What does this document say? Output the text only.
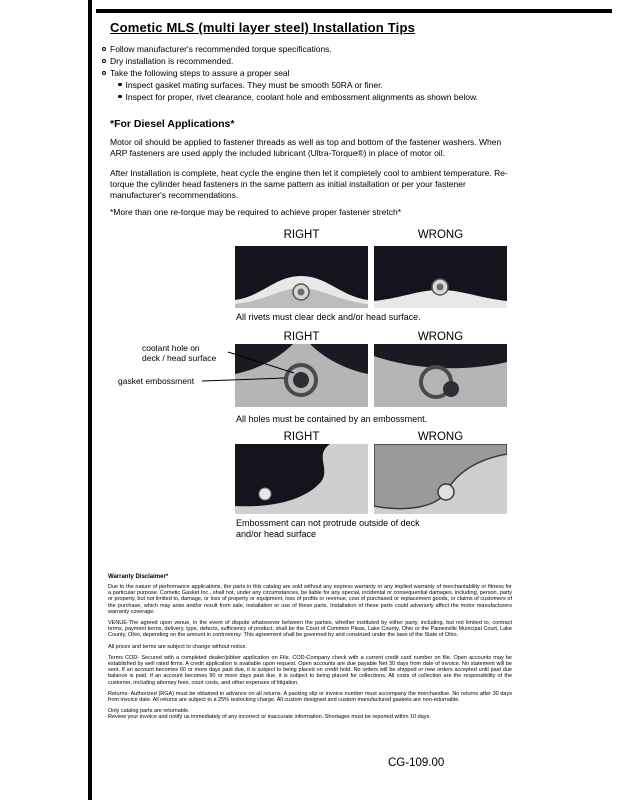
Cometic MLS (multi layer steel) Installation Tips
Follow manufacturer's recommended torque specifications.
Dry installation is recommended.
Take the following steps to assure a proper seal
Inspect gasket mating surfaces. They must be smooth 50RA or finer.
Inspect for proper, rivet clearance, coolant hole and embossment alignments as shown below.
*For Diesel Applications*
Motor oil should be applied to fastener threads as well as top and bottom of the fastener washers. When ARP fasteners are used apply the included lubricant (Ultra-Torque®) in place of motor oil.
After Installation is complete, heat cycle the engine then let it completely cool to ambient temperature. Re-torque the cylinder head fasteners in the same pattern as initial installation or per your fastener manufacturer's recommendations.
*More than one re-torque may be required to achieve proper fastener stretch*
RIGHT	WRONG
All rivets must clear deck and/or head surface.
RIGHT	WRONG
All holes must be contained by an embossment.
coolant hole on
deck / head surface
gasket embossment
RIGHT	WRONG
Embossment can not protrude outside of deck
and/or head surface
Warranty Disclaimer*

Due to the nature of performance applications, the parts in this catalog are sold without any express warranty or any implied warranty of merchantability or fitness for a particular purpose. Cometic Gasket Inc., shall not, under any circumstances, be liable for any special, incidental or consequential damages, including, person, party or property, but not limited to, damage, or loss of property or equipment, loss of profits or revenue, cost of purchased or replacement goods, or claims of customers of the purchase, which may arise and/or result from sale, installation or use of these parts. Installation of these parts could adversely affect the motor manufacturers warranty coverage.

VENUE-The agreed upon venue, in the event of dispute whatsoever between the parties, whether instituted by either party, including, but not limited to, contract terms, payment terms, delivery, type, defects, sufficiency of product, shall be the Court of Common Pleas, Lake County, Ohio or the Painesville Municipal Court, Lake County, Ohio, depending on the amount in controversy. This agreement shall be governed by and construed under the laws of the State of Ohio.

All prices and terms are subject to change without notice.

Terms COD- Secured with a completed dealer/jobber application on File, COD-Company check with a current credit card number on file. Open accounts may be established by well rated firms. A credit application is available upon request. Open accounts are due payable Net 30 days from date of invoice. No statement will be sent. If an account becomes 60 or more days past due, it is subject to being placed on credit hold. No orders will be shipped or new orders accepted until past due balance is paid. If an account becomes 90 or more days past due, it is subject to being placed for collections. All costs of collection are the responsibility of the customer, including attorney fees, court costs, and other expenses of litigation.

Returns- Authorized (RGA) must be obtained in advance on all returns. A packing slip or invoice number must accompany the merchandise. No returns after 30 days from invoice date. All returns are subject to a 25% restocking charge. All custom designed and custom manufactured gaskets are non-returnable.

Only catalog parts are returnable.

Review your invoice and notify us immediately of any incorrect or inaccurate information. Shortages must be reported within 10 days.

CG-109.00
